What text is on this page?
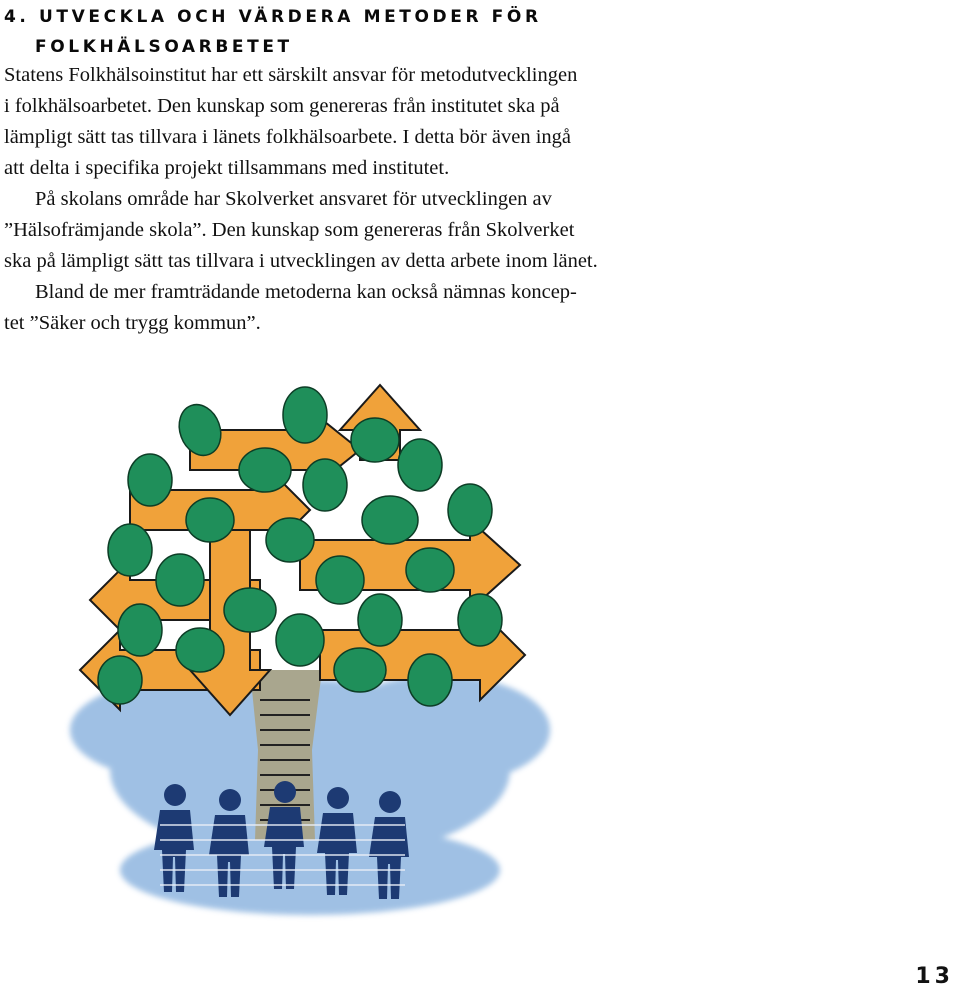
4. UTVECKLA OCH VÄRDERA METODER FÖR
FOLKHÄLSOARBETET

Statens Folkhälsoinstitut har ett särskilt ansvar för metodutvecklingen
i folkhälsoarbetet. Den kunskap som genereras från institutet ska på
lämpligt sätt tas tillvara i länets folkhälsoarbete. I detta bör även ingå
att delta i specifika projekt tillsammans med institutet.

På skolans område har Skolverket ansvaret för utvecklingen av
”Hälsofrämjande skola”. Den kunskap som genereras från Skolverket
ska på lämpligt sätt tas tillvara i utvecklingen av detta arbete inom länet.

Bland de mer framträdande metoderna kan också nämnas koncep-
tet ”Säker och trygg kommun”.

13
